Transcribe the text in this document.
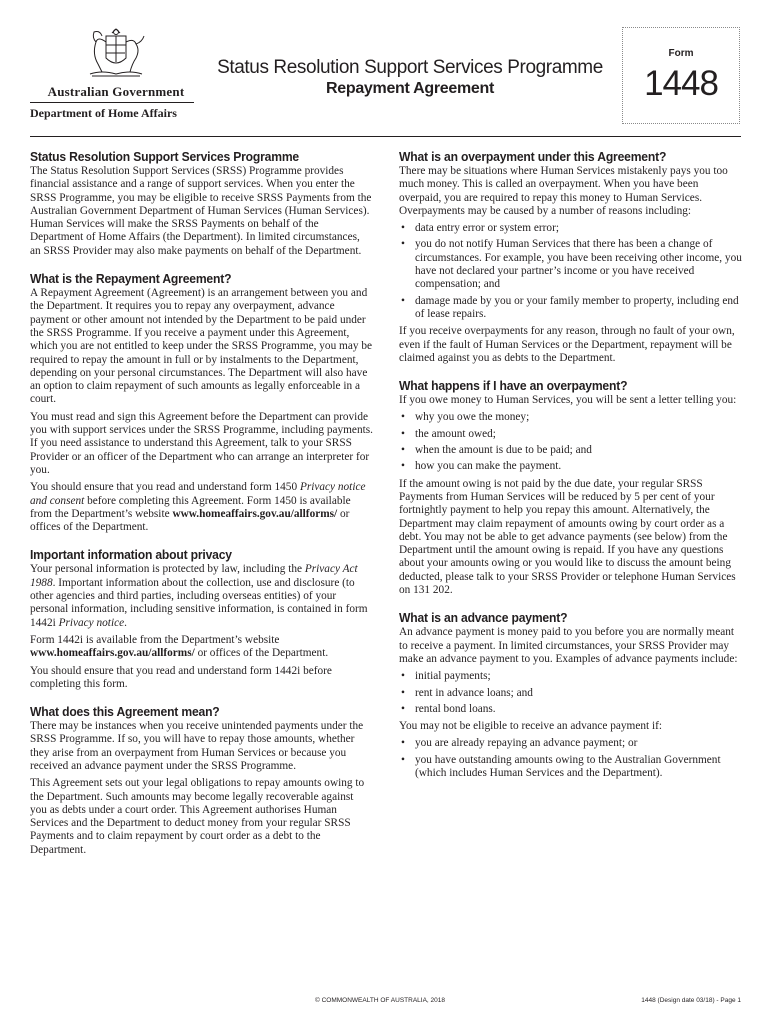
Australian Government
Department of Home Affairs
Status Resolution Support Services Programme
Repayment Agreement
Form
1448
Status Resolution Support Services Programme

The Status Resolution Support Services (SRSS) Programme provides financial assistance and a range of support services. When you enter the SRSS Programme, you may be eligible to receive SRSS Payments from the Australian Government Department of Human Services (Human Services). Human Services will make the SRSS Payments on behalf of the Department of Home Affairs (the Department). In limited circumstances, an SRSS Provider may also make payments on behalf of the Department.

What is the Repayment Agreement?

A Repayment Agreement (Agreement) is an arrangement between you and the Department. It requires you to repay any overpayment, advance payment or other amount not intended by the Department to be paid under the SRSS Programme. If you receive a payment under this Agreement, which you are not entitled to keep under the SRSS Programme, you may be required to repay the amount in full or by instalments to the Department, depending on your personal circumstances. The Department will also have an option to claim repayment of such amounts as legally enforceable in a court.

You must read and sign this Agreement before the Department can provide you with support services under the SRSS Programme, including payments. If you need assistance to understand this Agreement, talk to your SRSS Provider or an officer of the Department who can arrange an interpreter for you.

You should ensure that you read and understand form 1450 Privacy notice and consent before completing this Agreement. Form 1450 is available from the Department’s website www.homeaffairs.gov.au/allforms/ or offices of the Department.

Important information about privacy

Your personal information is protected by law, including the Privacy Act 1988. Important information about the collection, use and disclosure (to other agencies and third parties, including overseas entities) of your personal information, including sensitive information, is contained in form 1442i Privacy notice.

Form 1442i is available from the Department’s website www.homeaffairs.gov.au/allforms/ or offices of the Department.

You should ensure that you read and understand form 1442i before completing this form.

What does this Agreement mean?

There may be instances when you receive unintended payments under the SRSS Programme. If so, you will have to repay those amounts, whether they arise from an overpayment from Human Services or because you received an advance payment under the SRSS Programme.

This Agreement sets out your legal obligations to repay amounts owing to the Department. Such amounts may become legally recoverable against you as debts under a court order. This Agreement authorises Human Services and the Department to deduct money from your regular SRSS Payments and to claim repayment by court order as a debt to the Department.

What is an overpayment under this Agreement?

There may be situations where Human Services mistakenly pays you too much money. This is called an overpayment. When you have been overpaid, you are required to repay this money to Human Services. Overpayments may be caused by a number of reasons including:

• data entry error or system error;
• you do not notify Human Services that there has been a change of circumstances. For example, you have been receiving other income, you have not declared your partner’s income or you have received compensation; and
• damage made by you or your family member to property, including end of lease repairs.

If you receive overpayments for any reason, through no fault of your own, even if the fault of Human Services or the Department, repayment will be claimed against you as debts to the Department.

What happens if I have an overpayment?

If you owe money to Human Services, you will be sent a letter telling you:

• why you owe the money;
• the amount owed;
• when the amount is due to be paid; and
• how you can make the payment.

If the amount owing is not paid by the due date, your regular SRSS Payments from Human Services will be reduced by 5 per cent of your fortnightly payment to help you repay this amount. Alternatively, the Department may claim repayment of amounts owing by court order as a debt. You may not be able to get advance payments (see below) from the Department until the amount owing is repaid. If you have any questions about your amounts owing or you would like to discuss the amount being deducted, please talk to your SRSS Provider or telephone Human Services on 131 202.

What is an advance payment?

An advance payment is money paid to you before you are normally meant to receive a payment. In limited circumstances, your SRSS Provider may make an advance payment to you. Examples of advance payments include:

• initial payments;
• rent in advance loans; and
• rental bond loans.

You may not be eligible to receive an advance payment if:

• you are already repaying an advance payment; or
• you have outstanding amounts owing to the Australian Government (which includes Human Services and the Department).
© COMMONWEALTH OF AUSTRALIA, 2018	1448 (Design date 03/18) - Page 1
